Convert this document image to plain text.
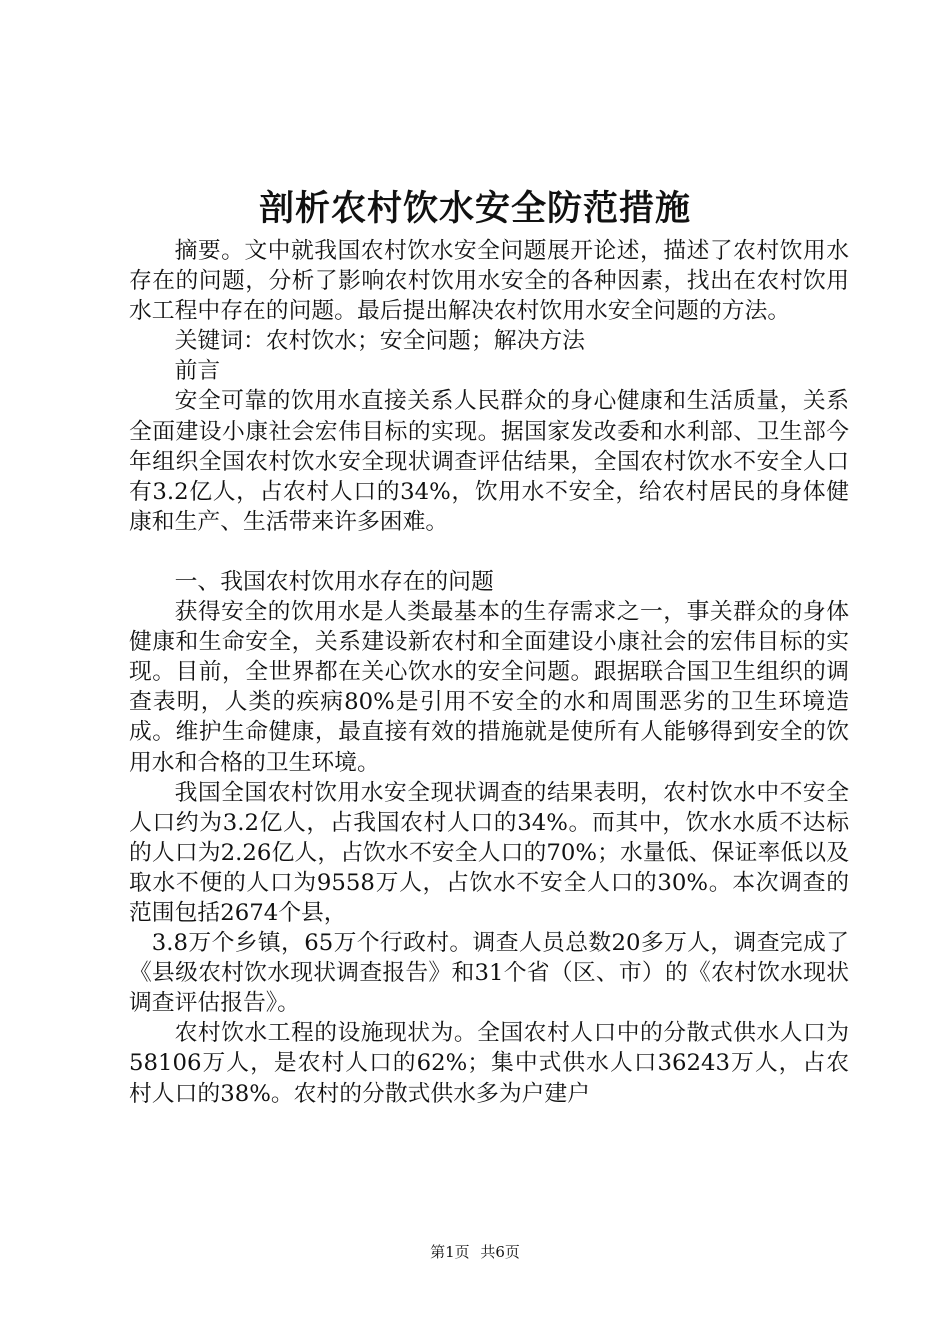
剖析农村饮水安全防范措施

摘要。文中就我国农村饮水安全问题展开论述，描述了农村饮用水存在的问题，分析了影响农村饮用水安全的各种因素，找出在农村饮用水工程中存在的问题。最后提出解决农村饮用水安全问题的方法。

关键词：农村饮水；安全问题；解决方法

前言

安全可靠的饮用水直接关系人民群众的身心健康和生活质量，关系全面建设小康社会宏伟目标的实现。据国家发改委和水利部、卫生部今年组织全国农村饮水安全现状调查评估结果，全国农村饮水不安全人口有3.2亿人，占农村人口的34%，饮用水不安全，给农村居民的身体健康和生产、生活带来许多困难。

一、我国农村饮用水存在的问题

获得安全的饮用水是人类最基本的生存需求之一，事关群众的身体健康和生命安全，关系建设新农村和全面建设小康社会的宏伟目标的实现。目前，全世界都在关心饮水的安全问题。跟据联合国卫生组织的调查表明，人类的疾病80%是引用不安全的水和周围恶劣的卫生环境造成。维护生命健康，最直接有效的措施就是使所有人能够得到安全的饮用水和合格的卫生环境。

我国全国农村饮用水安全现状调查的结果表明，农村饮水中不安全人口约为3.2亿人，占我国农村人口的34%。而其中，饮水水质不达标的人口为2.26亿人，占饮水不安全人口的70%；水量低、保证率低以及取水不便的人口为9558万人，占饮水不安全人口的30%。本次调查的范围包括2674个县，

3.8万个乡镇，65万个行政村。调查人员总数20多万人，调查完成了《县级农村饮水现状调查报告》和31个省（区、市）的《农村饮水现状调查评估报告》。

农村饮水工程的设施现状为。全国农村人口中的分散式供水人口为58106万人，是农村人口的62%；集中式供水人口36243万人，占农村人口的38%。农村的分散式供水多为户建户

第1页 共6页
